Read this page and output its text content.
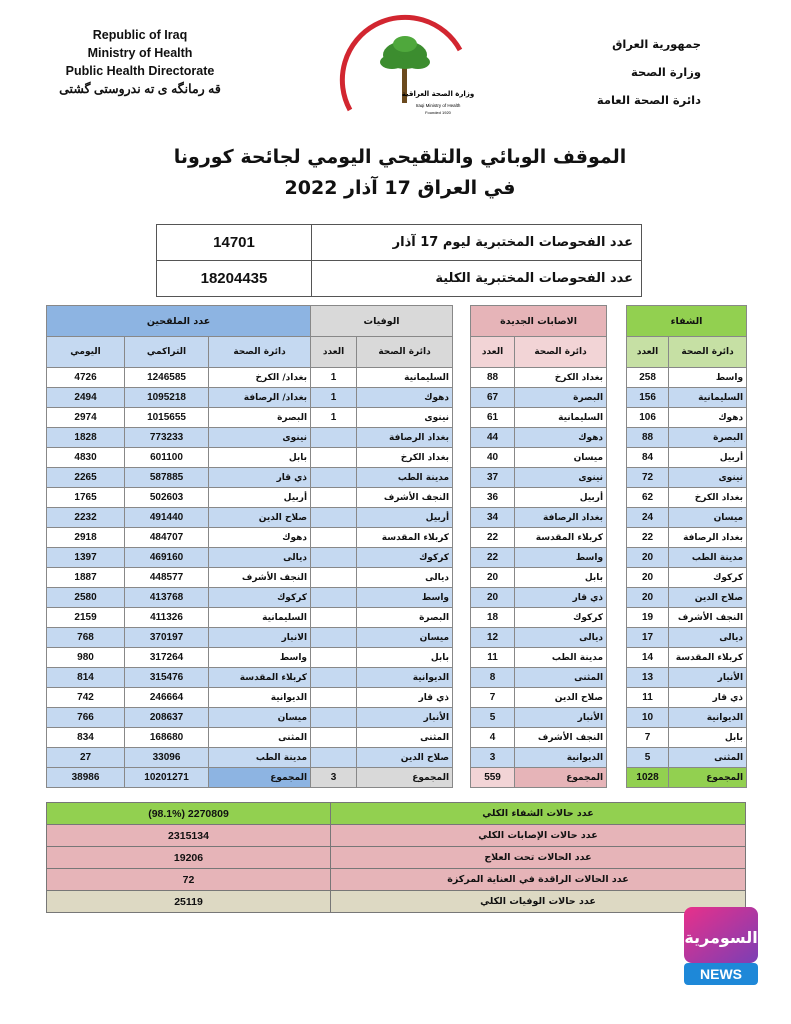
Republic of Iraq
Ministry of Health
Public Health Directorate
ﻗﻪ ﺭﻣﺎﻧﮕﻪ ﯼ ﺗﻪ ﻧﺪﺭﻭﺳﺘﯽ ﮔﺸﺘﯽ
جمهورية العراق
وزارة الصحة
دائرة الصحة العامة
وزارة الصحة العراقية
Iraqi Ministry of Health
Founded 1920
الموقف الوبائي والتلقيحي اليومي لجائحة كورونا
في العراق 17 آذار 2022
عدد الفحوصات المختبرية ليوم 17 آذار	14701
عدد الفحوصات المختبرية الكلية	18204435
الشفاء			الاصابات الجديدة			الوفيات		عدد الملقحين		
دائرة الصحة	العدد		دائرة الصحة	العدد		دائرة الصحة	العدد	دائرة الصحة	التراكمي	اليومي
واسط	258		بغداد الكرخ	88		السليمانية	1	بغداد/ الكرخ	1246585	4726
السليمانية	156		البصرة	67		دهوك	1	بغداد/ الرصافة	1095218	2494
دهوك	106		السليمانية	61		نينوى	1	البصرة	1015655	2974
البصرة	88		دهوك	44		بغداد الرصافة		نينوى	773233	1828
أربيل	84		ميسان	40		بغداد الكرخ		بابل	601100	4830
نينوى	72		نينوى	37		مدينة الطب		ذي قار	587885	2265
بغداد الكرخ	62		أربيل	36		النجف الأشرف		أربيل	502603	1765
ميسان	24		بغداد الرصافة	34		أربيل		صلاح الدين	491440	2232
بغداد الرصافة	22		كربلاء المقدسة	22		كربلاء المقدسة		دهوك	484707	2918
مدينة الطب	20		واسط	22		كركوك		ديالى	469160	1397
كركوك	20		بابل	20		ديالى		النجف الأشرف	448577	1887
صلاح الدين	20		ذي قار	20		واسط		كركوك	413768	2580
النجف الأشرف	19		كركوك	18		البصرة		السليمانية	411326	2159
ديالى	17		ديالى	12		ميسان		الانبار	370197	768
كربلاء المقدسة	14		مدينة الطب	11		بابل		واسط	317264	980
الأنبار	13		المثنى	8		الديوانية		كربلاء المقدسة	315476	814
ذي قار	11		صلاح الدين	7		ذي قار		الديوانية	246664	742
الديوانية	10		الأنبار	5		الأنبار		ميسان	208637	766
بابل	7		النجف الأشرف	4		المثنى		المثنى	168680	834
المثنى	5		الديوانية	3		صلاح الدين		مدينة الطب	33096	27
المجموع	1028		المجموع	559		المجموع	3	المجموع	10201271	38986
عدد حالات الشفاء الكلي	2270809 (98.1%)
عدد حالات الإصابات الكلي	2315134
عدد الحالات تحت العلاج	19206
عدد الحالات الراقدة في العناية المركزة	72
عدد حالات الوفيات الكلي	25119
السومرية
NEWS
